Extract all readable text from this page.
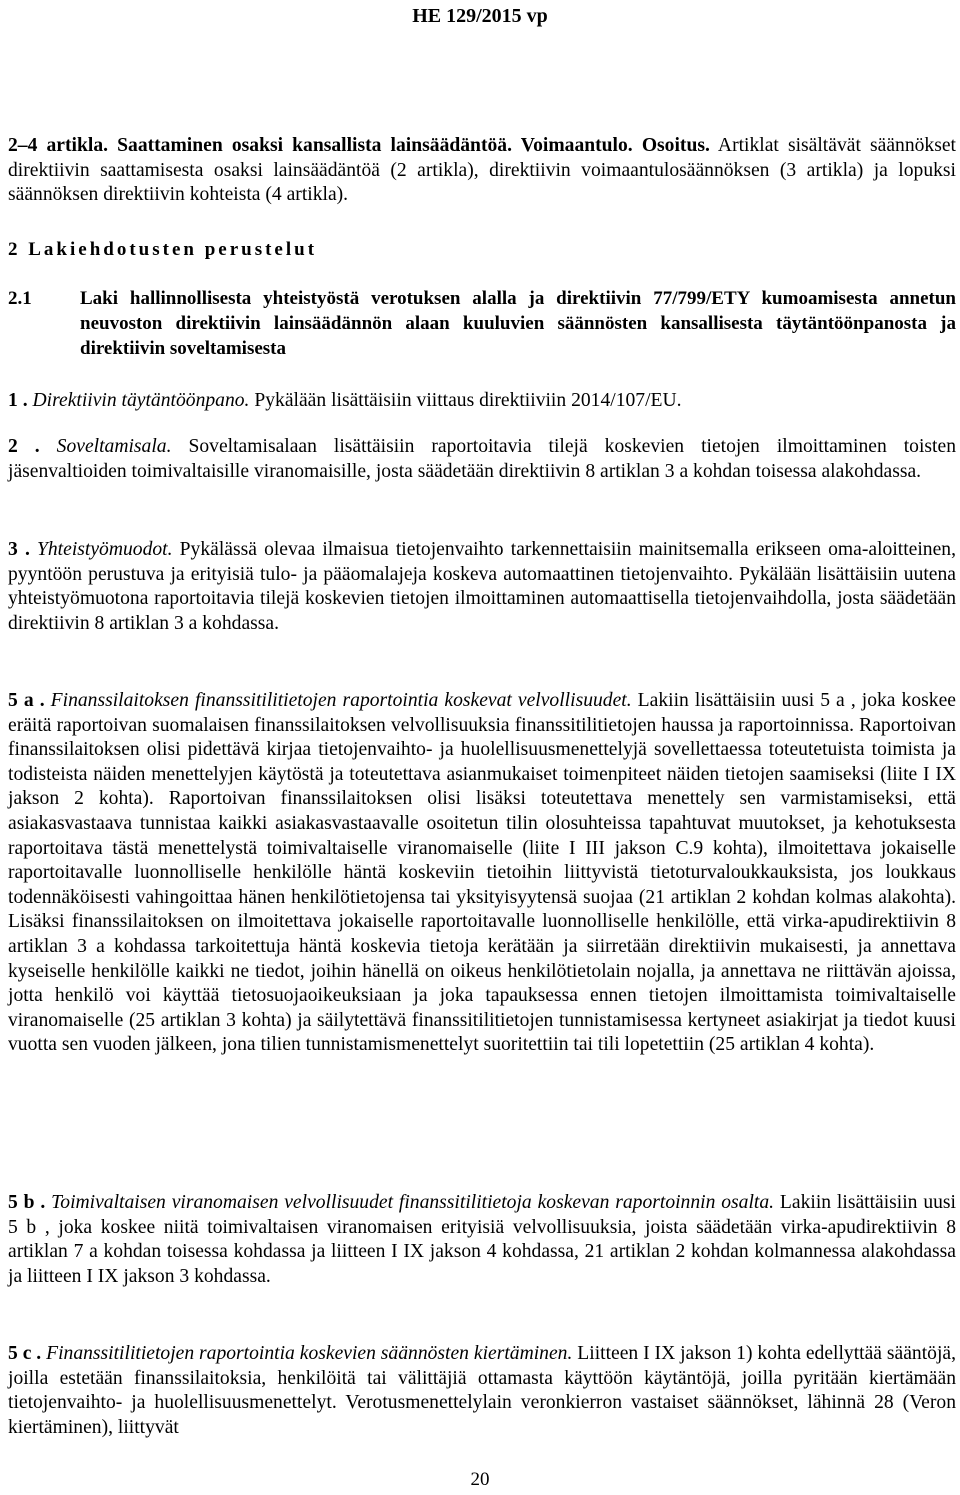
HE 129/2015 vp

2–4 artikla. Saattaminen osaksi kansallista lainsäädäntöä. Voimaantulo. Osoitus. Artiklat sisältävät säännökset direktiivin saattamisesta osaksi lainsäädäntöä (2 artikla), direktiivin voimaantulosäännöksen (3 artikla) ja lopuksi säännöksen direktiivin kohteista (4 artikla).

2 Lakiehdotusten perustelut
2.1	Laki hallinnollisesta yhteistyöstä verotuksen alalla ja direktiivin 77/799/ETY kumoamisesta annetun neuvoston direktiivin lainsäädännön alaan kuuluvien säännösten kansallisesta täytäntöönpanosta ja direktiivin soveltamisesta

1 . Direktiivin täytäntöönpano. Pykälään lisättäisiin viittaus direktiiviin 2014/107/EU.

2 . Soveltamisala. Soveltamisalaan lisättäisiin raportoitavia tilejä koskevien tietojen ilmoittaminen toisten jäsenvaltioiden toimivaltaisille viranomaisille, josta säädetään direktiivin 8 artiklan 3 a kohdan toisessa alakohdassa.

3 . Yhteistyömuodot. Pykälässä olevaa ilmaisua tietojenvaihto tarkennettaisiin mainitsemalla erikseen oma-aloitteinen, pyyntöön perustuva ja erityisiä tulo- ja pääomalajeja koskeva automaattinen tietojenvaihto. Pykälään lisättäisiin uutena yhteistyömuotona raportoitavia tilejä koskevien tietojen ilmoittaminen automaattisella tietojenvaihdolla, josta säädetään direktiivin 8 artiklan 3 a kohdassa.

5 a . Finanssilaitoksen finanssitilitietojen raportointia koskevat velvollisuudet. Lakiin lisättäisiin uusi 5 a , joka koskee eräitä raportoivan suomalaisen finanssilaitoksen velvollisuuksia finanssitilitietojen haussa ja raportoinnissa. Raportoivan finanssilaitoksen olisi pidettävä kirjaa tietojenvaihto- ja huolellisuusmenettelyjä sovellettaessa toteutetuista toimista ja todisteista näiden menettelyjen käytöstä ja toteutettava asianmukaiset toimenpiteet näiden tietojen saamiseksi (liite I IX jakson 2 kohta). Raportoivan finanssilaitoksen olisi lisäksi toteutettava menettely sen varmistamiseksi, että asiakasvastaava tunnistaa kaikki asiakasvastaavalle osoitetun tilin olosuhteissa tapahtuvat muutokset, ja kehotuksesta raportoitava tästä menettelystä toimivaltaiselle viranomaiselle (liite I III jakson C.9 kohta), ilmoitettava jokaiselle raportoitavalle luonnolliselle henkilölle häntä koskeviin tietoihin liittyvistä tietoturvaloukkauksista, jos loukkaus todennäköisesti vahingoittaa hänen henkilötietojensa tai yksityisyytensä suojaa (21 artiklan 2 kohdan kolmas alakohta). Lisäksi finanssilaitoksen on ilmoitettava jokaiselle raportoitavalle luonnolliselle henkilölle, että virka-apudirektiivin 8 artiklan 3 a kohdassa tarkoitettuja häntä koskevia tietoja kerätään ja siirretään direktiivin mukaisesti, ja annettava kyseiselle henkilölle kaikki ne tiedot, joihin hänellä on oikeus henkilötietolain nojalla, ja annettava ne riittävän ajoissa, jotta henkilö voi käyttää tietosuojaoikeuksiaan ja joka tapauksessa ennen tietojen ilmoittamista toimivaltaiselle viranomaiselle (25 artiklan 3 kohta) ja säilytettävä finanssitilitietojen tunnistamisessa kertyneet asiakirjat ja tiedot kuusi vuotta sen vuoden jälkeen, jona tilien tunnistamismenettelyt suoritettiin tai tili lopetettiin (25 artiklan 4 kohta).

5 b . Toimivaltaisen viranomaisen velvollisuudet finanssitilitietoja koskevan raportoinnin osalta. Lakiin lisättäisiin uusi 5 b , joka koskee niitä toimivaltaisen viranomaisen erityisiä velvollisuuksia, joista säädetään virka-apudirektiivin 8 artiklan 7 a kohdan toisessa kohdassa ja liitteen I IX jakson 4 kohdassa, 21 artiklan 2 kohdan kolmannessa alakohdassa ja liitteen I IX jakson 3 kohdassa.

5 c . Finanssitilitietojen raportointia koskevien säännösten kiertäminen. Liitteen I IX jakson 1) kohta edellyttää sääntöjä, joilla estetään finanssilaitoksia, henkilöitä tai välittäjiä ottamasta käyttöön käytäntöjä, joilla pyritään kiertämään tietojenvaihto- ja huolellisuusmenettelyt. Verotusmenettelylain veronkierron vastaiset säännökset, lähinnä 28 (Veron kiertäminen), liittyvät

20
